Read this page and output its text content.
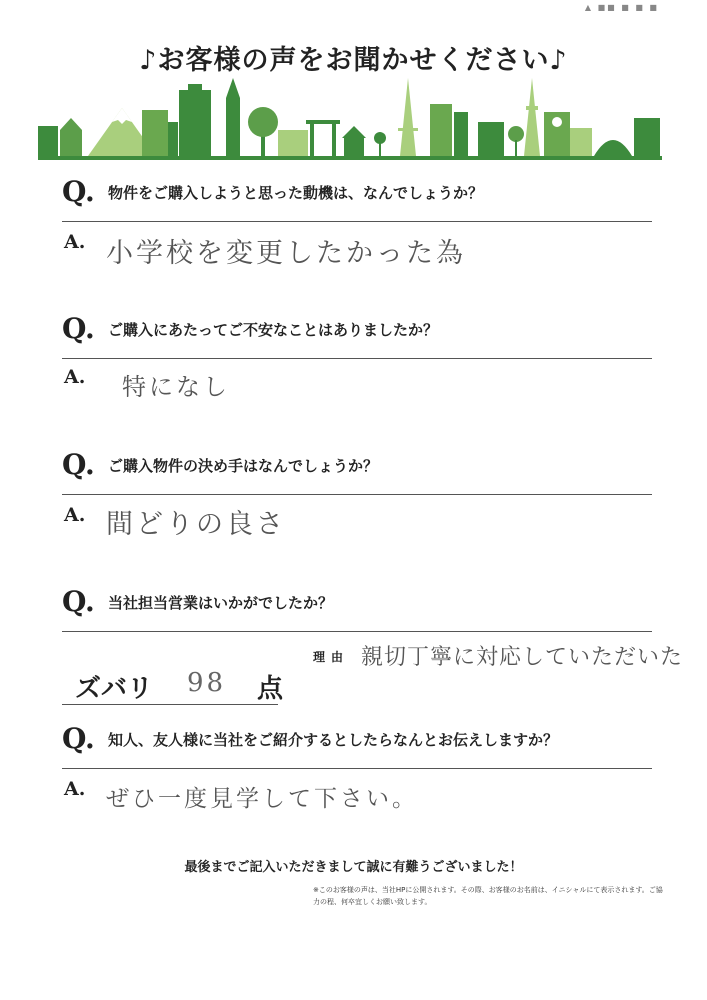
▲ ■■ ■ ■ ■
♪お客様の声をお聞かせください♪
Q. 物件をご購入しようと思った動機は、なんでしょうか？
A. 小学校を変更したかった為
Q. ご購入にあたってご不安なことはありましたか？
A. 特になし
Q. ご購入物件の決め手はなんでしょうか？
A. 間どりの良さ
Q. 当社担当営業はいかがでしたか？
理由 親切丁寧に対応していただいた
ズバリ 98 点
Q. 知人、友人様に当社をご紹介するとしたらなんとお伝えしますか？
A. ぜひ一度見学して下さい。
最後までご記入いただきまして誠に有難うございました！
※このお客様の声は、当社HPに公開されます。その際、お客様のお名前は、イニシャルにて表示されます。ご協力の程、何卒宜しくお願い致します。
